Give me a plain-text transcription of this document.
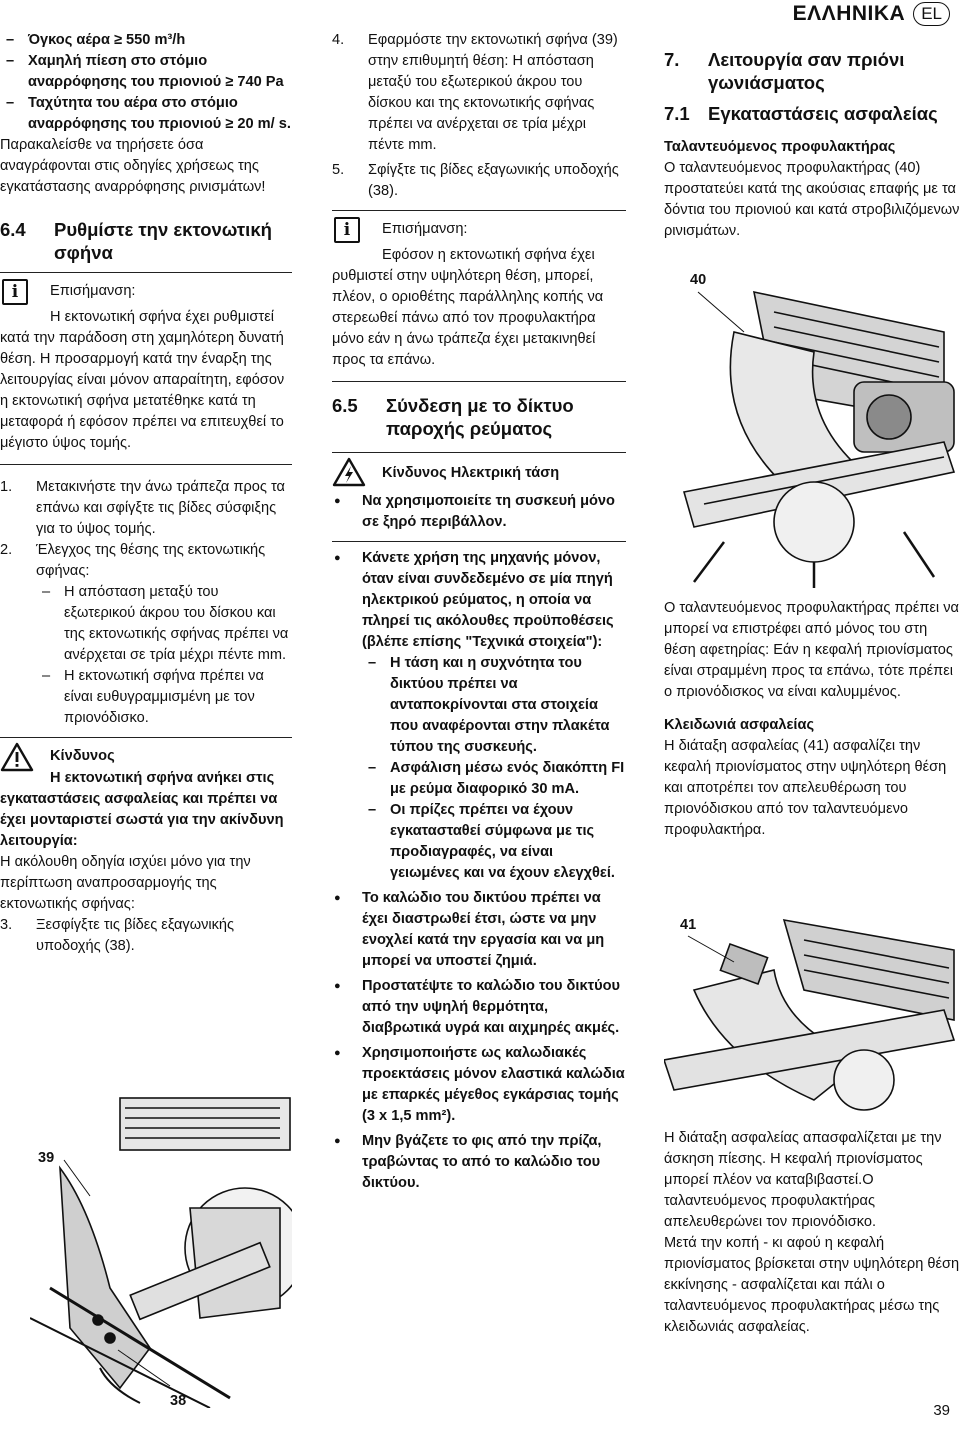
ΕΛΛΗΝΙΚΑ EL

– Όγκος αέρα ≥ 550 m³/h

– Χαμηλή πίεση στο στόμιο αναρρόφησης του πριονιού ≥ 740 Pa

– Ταχύτητα του αέρα στο στόμιο αναρρόφησης του πριονιού ≥ 20 m/ s.

Παρακαλείσθε να τηρήσετε όσα αναγράφονται στις οδηγίες χρήσεως της εγκατάστασης αναρρόφησης ρινισμάτων!

6.4 Ρυθμίστε την εκτονωτική σφήνα
i	Επισήμανση:

Η εκτονωτική σφήνα έχει ρυθμιστεί κατά την παράδοση στη χαμηλότερη δυνατή θέση. Η προσαρμογή κατά την έναρξη της λειτουργίας είναι μόνον απαραίτητη, εφόσον η εκτονωτική σφήνα μετατέθηκε κατά τη μεταφορά ή εφόσον πρέπει να επιτευχθεί το μέγιστο ύψος τομής.

1. Μετακινήστε την άνω τράπεζα προς τα επάνω και σφίγξτε τις βίδες σύσφιξης για το ύψος τομής.

2. Έλεγχος της θέσης της εκτονωτικής σφήνας:

– Η απόσταση μεταξύ του εξωτερικού άκρου του δίσκου και της εκτονωτικής σφήνας πρέπει να ανέρχεται σε τρία μέχρι πέντε mm.

– Η εκτονωτική σφήνα πρέπει να είναι ευθυγραμμισμένη με τον πριονόδισκο.

Κίνδυνος

Η εκτονωτική σφήνα ανήκει στις εγκαταστάσεις ασφαλείας και πρέπει να έχει μονταριστεί σωστά για την ακίνδυνη λειτουργία:

Η ακόλουθη οδηγία ισχύει μόνο για την περίπτωση αναπροσαρμογής της εκτονωτικής σφήνας:

3. Ξεσφίγξτε τις βίδες εξαγωνικής υποδοχής (38).

39
38

4. Εφαρμόστε την εκτονωτική σφήνα (39) στην επιθυμητή θέση: Η απόσταση μεταξύ του εξωτερικού άκρου του δίσκου και της εκτονωτικής σφήνας πρέπει να ανέρχεται σε τρία μέχρι πέντε mm.

5. Σφίγξτε τις βίδες εξαγωνικής υποδοχής (38).

i	Επισήμανση:

Εφόσον η εκτονωτική σφήνα έχει ρυθμιστεί στην υψηλότερη θέση, μπορεί, πλέον, ο οριοθέτης παράλληλης κοπής να στερεωθεί πάνω από τον προφυλακτήρα μόνο εάν η άνω τράπεζα έχει μετακινηθεί προς τα επάνω.

6.5 Σύνδεση με το δίκτυο παροχής ρεύματος

Κίνδυνος Ηλεκτρική τάση

● Να χρησιμοποιείτε τη συσκευή μόνο σε ξηρό περιβάλλον.

● Κάνετε χρήση της μηχανής μόνον, όταν είναι συνδεδεμένο σε μία πηγή ηλεκτρικού ρεύματος, η οποία να πληρεί τις ακόλουθες προϋποθέσεις (βλέπε επίσης "Τεχνικά στοιχεία"):

– Η τάση και η συχνότητα του δικτύου πρέπει να ανταποκρίνονται στα στοιχεία που αναφέρονται στην πλακέτα τύπου της συσκευής.

– Ασφάλιση μέσω ενός διακόπτη FI με ρεύμα διαφορικό 30 mA.

– Οι πρίζες πρέπει να έχουν εγκατασταθεί σύμφωνα με τις προδιαγραφές, να είναι γειωμένες και να έχουν ελεγχθεί.

● Το καλώδιο του δικτύου πρέπει να έχει διαστρωθεί έτσι, ώστε να μην ενοχλεί κατά την εργασία και να μη μπορεί να υποστεί ζημιά.

● Προστατέψτε το καλώδιο του δικτύου από την υψηλή θερμότητα, διαβρωτικά υγρά και αιχμηρές ακμές.

● Χρησιμοποιήστε ως καλωδιακές προεκτάσεις μόνον ελαστικά καλώδια με επαρκές μέγεθος εγκάρσιας τομής (3 x 1,5 mm²).

● Μην βγάζετε το φις από την πρίζα, τραβώντας το από το καλώδιο του δικτύου.

7. Λειτουργία σαν πριόνι γωνιάσματος
7.1 Εγκαταστάσεις ασφαλείας

Ταλαντευόμενος προφυλακτήρας

Ο ταλαντευόμενος προφυλακτήρας (40) προστατεύει κατά της ακούσιας επαφής με τα δόντια του πριονιού και κατά στροβιλιζόμενων ρινισμάτων.

40

Ο ταλαντευόμενος προφυλακτήρας πρέπει να μπορεί να επιστρέφει από μόνος του στη θέση αφετηρίας: Εάν η κεφαλή πριονίσματος είναι στραμμένη προς τα επάνω, τότε πρέπει ο πριονόδισκος να είναι καλυμμένος.

Κλειδωνιά ασφαλείας

Η διάταξη ασφαλείας (41) ασφαλίζει την κεφαλή πριονίσματος στην υψηλότερη θέση και αποτρέπει τον απελευθέρωση του πριονόδισκου από τον ταλαντευόμενο προφυλακτήρα.

41

Η διάταξη ασφαλείας απασφαλίζεται με την άσκηση πίεσης. Η κεφαλή πριονίσματος μπορεί πλέον να καταβιβαστεί.Ο ταλαντευόμενος προφυλακτήρας απελευθερώνει τον πριονόδισκο.

Μετά την κοπή - κι αφού η κεφαλή πριονίσματος βρίσκεται στην υψηλότερη θέση εκκίνησης - ασφαλίζεται και πάλι ο ταλαντευόμενος προφυλακτήρας μέσω της κλειδωνιάς ασφαλείας.

39
